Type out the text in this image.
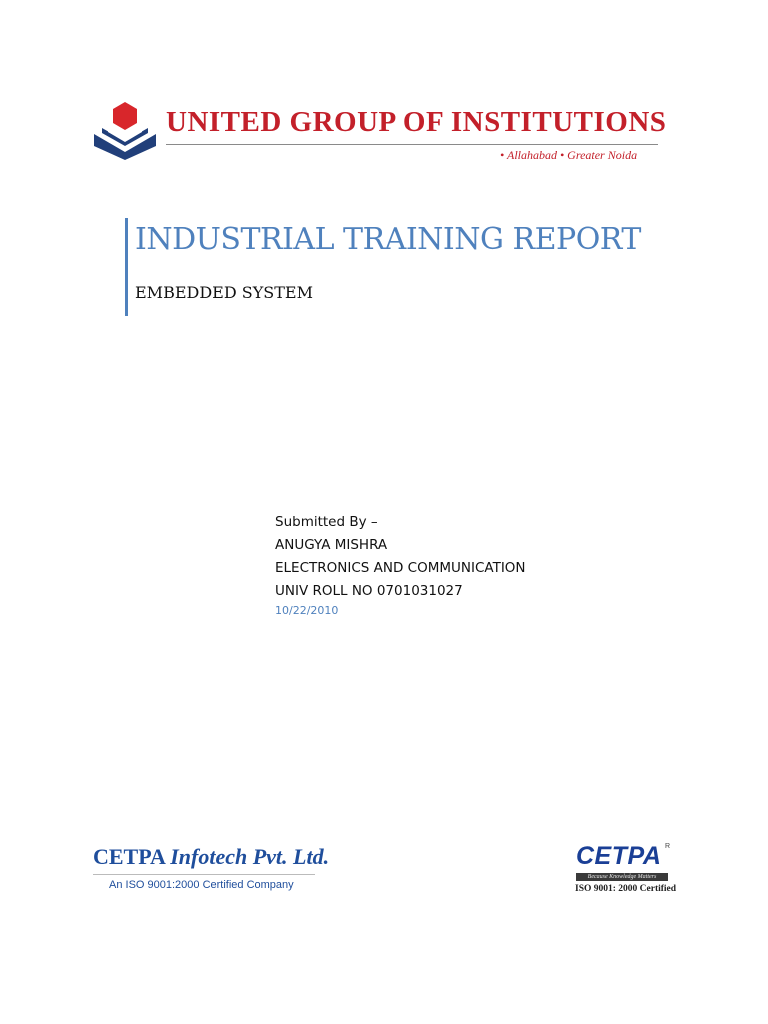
UNITED GROUP OF INSTITUTIONS
• Allahabad • Greater Noida
INDUSTRIAL TRAINING REPORT
EMBEDDED SYSTEM
Submitted By –
ANUGYA MISHRA
ELECTRONICS AND COMMUNICATION
UNIV ROLL NO 0701031027
10/22/2010
CETPA Infotech Pvt. Ltd.
An ISO 9001:2000 Certified Company
CETPA R
Because Knowledge Matters
ISO 9001: 2000 Certified
